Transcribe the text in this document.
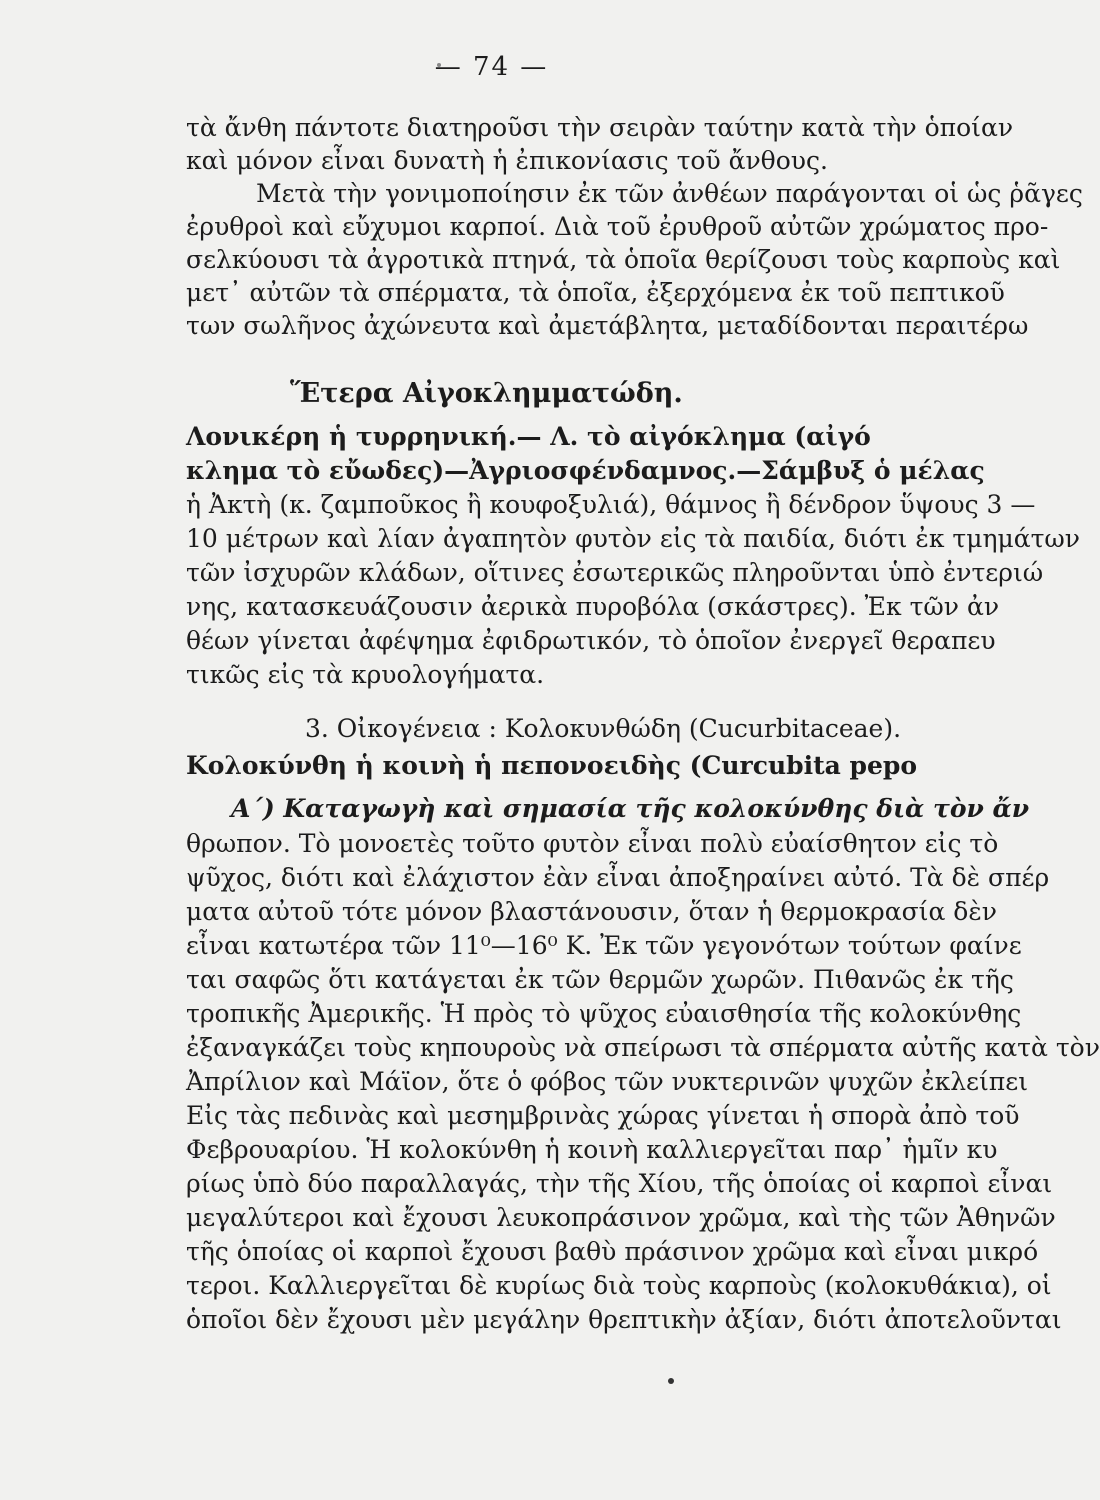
— 74 —
τὰ ἄνθη πάντοτε διατηροῦσι τὴν σειρὰν ταύτην κατὰ τὴν ὁποίαν
καὶ μόνον εἶναι δυνατὴ ἡ ἐπικονίασις τοῦ ἄνθους.
Μετὰ τὴν γονιμοποίησιν ἐκ τῶν ἀνθέων παράγονται οἱ ὡς ῥᾶγες
ἐρυθροὶ καὶ εὔχυμοι καρποί. Διὰ τοῦ ἐρυθροῦ αὐτῶν χρώματος προ-
σελκύουσι τὰ ἀγροτικὰ πτηνά, τὰ ὁποῖα θερίζουσι τοὺς καρποὺς καὶ
μετ᾽ αὐτῶν τὰ σπέρματα, τὰ ὁποῖα, ἐξερχόμενα ἐκ τοῦ πεπτικοῦ
των σωλῆνος ἀχώνευτα καὶ ἀμετάβλητα, μεταδίδονται περαιτέρω
Ἕτερα Αἰγοκλημματώδη.
Λονικέρη ἡ τυρρηνική.— Λ. τὸ αἰγόκλημα (αἰγό
κλημα τὸ εὔωδες)—Ἀγριοσφένδαμνος.—Σάμβυξ ὁ μέλας
ἡ Ἀκτὴ (κ. ζαμποῦκος ἢ κουφοξυλιά), θάμνος ἢ δένδρον ὕψους 3 —
10 μέτρων καὶ λίαν ἀγαπητὸν φυτὸν εἰς τὰ παιδία, διότι ἐκ τμημάτων
τῶν ἰσχυρῶν κλάδων, οἵτινες ἐσωτερικῶς πληροῦνται ὑπὸ ἐντεριώ
νης, κατασκευάζουσιν ἀερικὰ πυροβόλα (σκάστρες). Ἐκ τῶν ἀν
θέων γίνεται ἀφέψημα ἐφιδρωτικόν, τὸ ὁποῖον ἐνεργεῖ θεραπευ
τικῶς εἰς τὰ κρυολογήματα.
3. Οἰκογένεια : Κολοκυνθώδη (Cucurbitaceae).
Κολοκύνθη ἡ κοινὴ ἡ πεπονοειδὴς (Curcubita pepo
Α΄) Καταγωγὴ καὶ σημασία τῆς κολοκύνθης διὰ τὸν ἄν
θρωπον. Τὸ μονοετὲς τοῦτο φυτὸν εἶναι πολὺ εὐαίσθητον εἰς τὸ
ψῦχος, διότι καὶ ἐλάχιστον ἐὰν εἶναι ἀποξηραίνει αὐτό. Τὰ δὲ σπέρ
ματα αὐτοῦ τότε μόνον βλαστάνουσιν, ὅταν ἡ θερμοκρασία δὲν
εἶναι κατωτέρα τῶν 11⁰—16⁰ Κ. Ἐκ τῶν γεγονότων τούτων φαίνε
ται σαφῶς ὅτι κατάγεται ἐκ τῶν θερμῶν χωρῶν. Πιθανῶς ἐκ τῆς
τροπικῆς Ἀμερικῆς. Ἡ πρὸς τὸ ψῦχος εὐαισθησία τῆς κολοκύνθης
ἐξαναγκάζει τοὺς κηπουροὺς νὰ σπείρωσι τὰ σπέρματα αὐτῆς κατὰ τὸν
Ἀπρίλιον καὶ Μάϊον, ὅτε ὁ φόβος τῶν νυκτερινῶν ψυχῶν ἐκλείπει
Εἰς τὰς πεδινὰς καὶ μεσημβρινὰς χώρας γίνεται ἡ σπορὰ ἀπὸ τοῦ
Φεβρουαρίου. Ἡ κολοκύνθη ἡ κοινὴ καλλιεργεῖται παρ᾽ ἡμῖν κυ
ρίως ὑπὸ δύο παραλλαγάς, τὴν τῆς Χίου, τῆς ὁποίας οἱ καρποὶ εἶναι
μεγαλύτεροι καὶ ἔχουσι λευκοπράσινον χρῶμα, καὶ τὴς τῶν Ἀθηνῶν
τῆς ὁποίας οἱ καρποὶ ἔχουσι βαθὺ πράσινον χρῶμα καὶ εἶναι μικρό
τεροι. Καλλιεργεῖται δὲ κυρίως διὰ τοὺς καρποὺς (κολοκυθάκια), οἱ
ὁποῖοι δὲν ἔχουσι μὲν μεγάλην θρεπτικὴν ἀξίαν, διότι ἀποτελοῦνται
